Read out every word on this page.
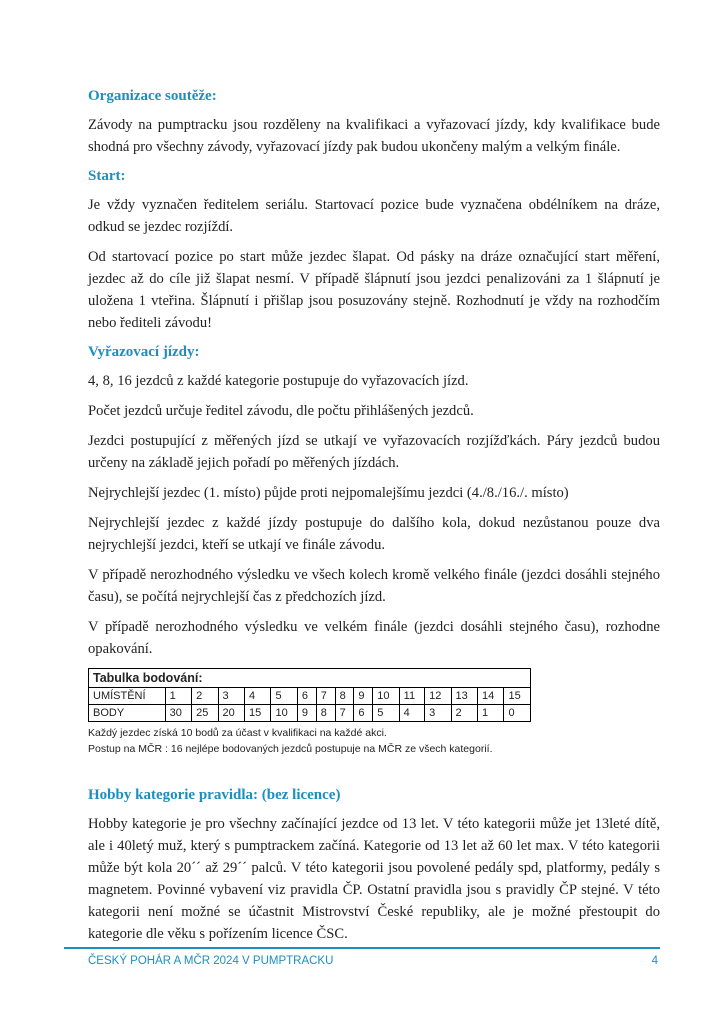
Organizace soutěže:

Závody na pumptracku jsou rozděleny na kvalifikaci a vyřazovací jízdy, kdy kvalifikace bude shodná pro všechny závody, vyřazovací jízdy pak budou ukončeny malým a velkým finále.

Start:

Je vždy vyznačen ředitelem seriálu. Startovací pozice bude vyznačena obdélníkem na dráze, odkud se jezdec rozjíždí.

Od startovací pozice po start může jezdec šlapat. Od pásky na dráze označující start měření, jezdec až do cíle již šlapat nesmí. V případě šlápnutí jsou jezdci penalizováni za 1 šlápnutí je uložena 1 vteřina. Šlápnutí i přišlap jsou posuzovány stejně. Rozhodnutí je vždy na rozhodčím nebo řediteli závodu!

Vyřazovací jízdy:

4, 8, 16 jezdců z každé kategorie postupuje do vyřazovacích jízd.

Počet jezdců určuje ředitel závodu, dle počtu přihlášených jezdců.

Jezdci postupující z měřených jízd se utkají ve vyřazovacích rozjížďkách. Páry jezdců budou určeny na základě jejich pořadí po měřených jízdách.

Nejrychlejší jezdec (1. místo) půjde proti nejpomalejšímu jezdci (4./8./16./. místo)

Nejrychlejší jezdec z každé jízdy postupuje do dalšího kola, dokud nezůstanou pouze dva nejrychlejší jezdci, kteří se utkají ve finále závodu.

V případě nerozhodného výsledku ve všech kolech kromě velkého finále (jezdci dosáhli stejného času), se počítá nejrychlejší čas z předchozích jízd.

V případě nerozhodného výsledku ve velkém finále (jezdci dosáhli stejného času), rozhodne opakování.

Tabulka bodování:															
UMÍSTĚNÍ	1	2	3	4	5	6	7	8	9	10	11	12	13	14	15
BODY	30	25	20	15	10	9	8	7	6	5	4	3	2	1	0

Každý jezdec získá 10 bodů za účast v kvalifikaci na každé akci.

Postup na MČR : 16 nejlépe bodovaných jezdců postupuje na MČR ze všech kategorií.

Hobby kategorie pravidla: (bez licence)

Hobby kategorie je pro všechny začínající jezdce od 13 let. V této kategorii může jet 13leté dítě, ale i 40letý muž, který s pumptrackem začíná. Kategorie od 13 let až 60 let max. V této kategorii může být kola 20´´ až 29´´ palců. V této kategorii jsou povolené pedály spd, platformy, pedály s magnetem. Povinné vybavení viz pravidla ČP. Ostatní pravidla jsou s pravidly ČP stejné. V této kategorii není možné se účastnit Mistrovství České republiky, ale je možné přestoupit do kategorie dle věku s pořízením licence ČSC.

ČESKÝ POHÁR A MČR 2024 V PUMPTRACKU	4
